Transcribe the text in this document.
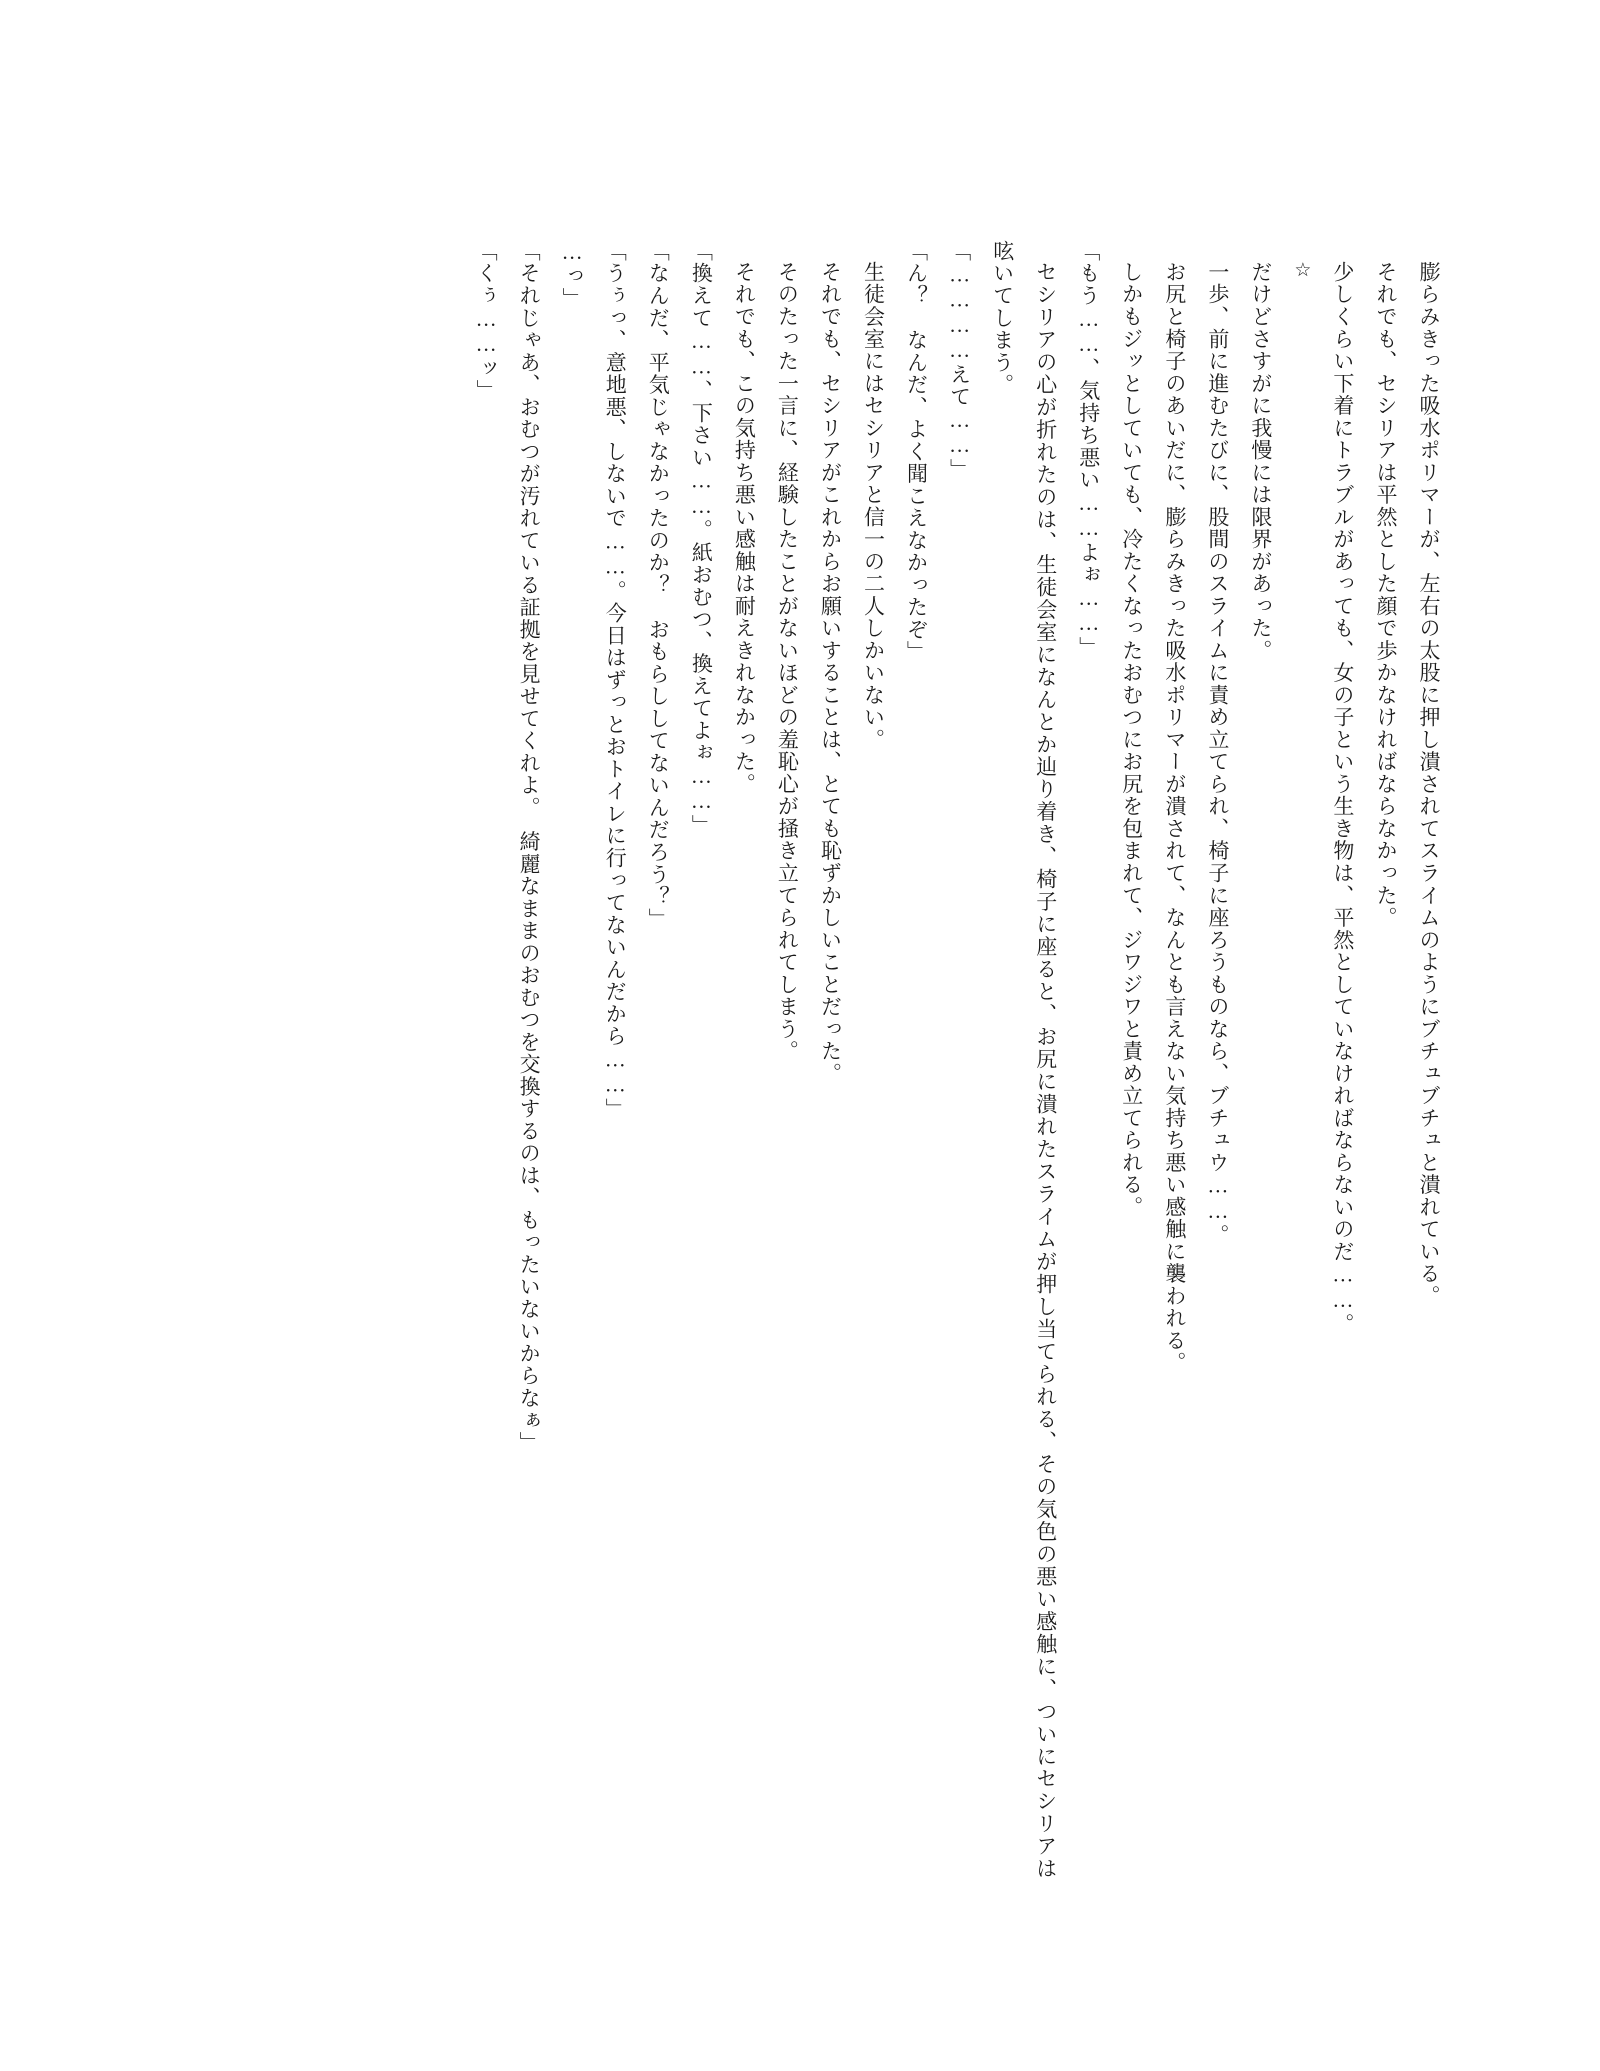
膨らみきった吸水ポリマーが、左右の太股に押し潰されてスライムのようにブチュブチュと潰れている。

それでも、セシリアは平然とした顔で歩かなければならなかった。

少しくらい下着にトラブルがあっても、女の子という生き物は、平然としていなければならないのだ……。

☆

だけどさすがに我慢には限界があった。

一歩、前に進むたびに、股間のスライムに責め立てられ、椅子に座ろうものなら、ブチュウ……。

お尻と椅子のあいだに、膨らみきった吸水ポリマーが潰されて、なんとも言えない気持ち悪い感触に襲われる。

しかもジッとしていても、冷たくなったおむつにお尻を包まれて、ジワジワと責め立てられる。

「もう……、気持ち悪い……よぉ……」

セシリアの心が折れたのは、生徒会室になんとか辿り着き、椅子に座ると、お尻に潰れたスライムが押し当てられる、その気色の悪い感触に、ついにセシリアは呟いてしまう。

「…………えて……」

「ん？　なんだ、よく聞こえなかったぞ」

生徒会室にはセシリアと信一の二人しかいない。

それでも、セシリアがこれからお願いすることは、とても恥ずかしいことだった。

そのたった一言に、経験したことがないほどの羞恥心が掻き立てられてしまう。

それでも、この気持ち悪い感触は耐えきれなかった。

「換えて……、下さい……。紙おむつ、換えてよぉ……」

「なんだ、平気じゃなかったのか？　おもらししてないんだろう？」

「うぅっ、意地悪、しないで……。今日はずっとおトイレに行ってないんだから……」

…っ」

「それじゃあ、おむつが汚れている証拠を見せてくれよ。　綺麗なままのおむつを交換するのは、もったいないからなぁ」

「くぅ……ッ」
